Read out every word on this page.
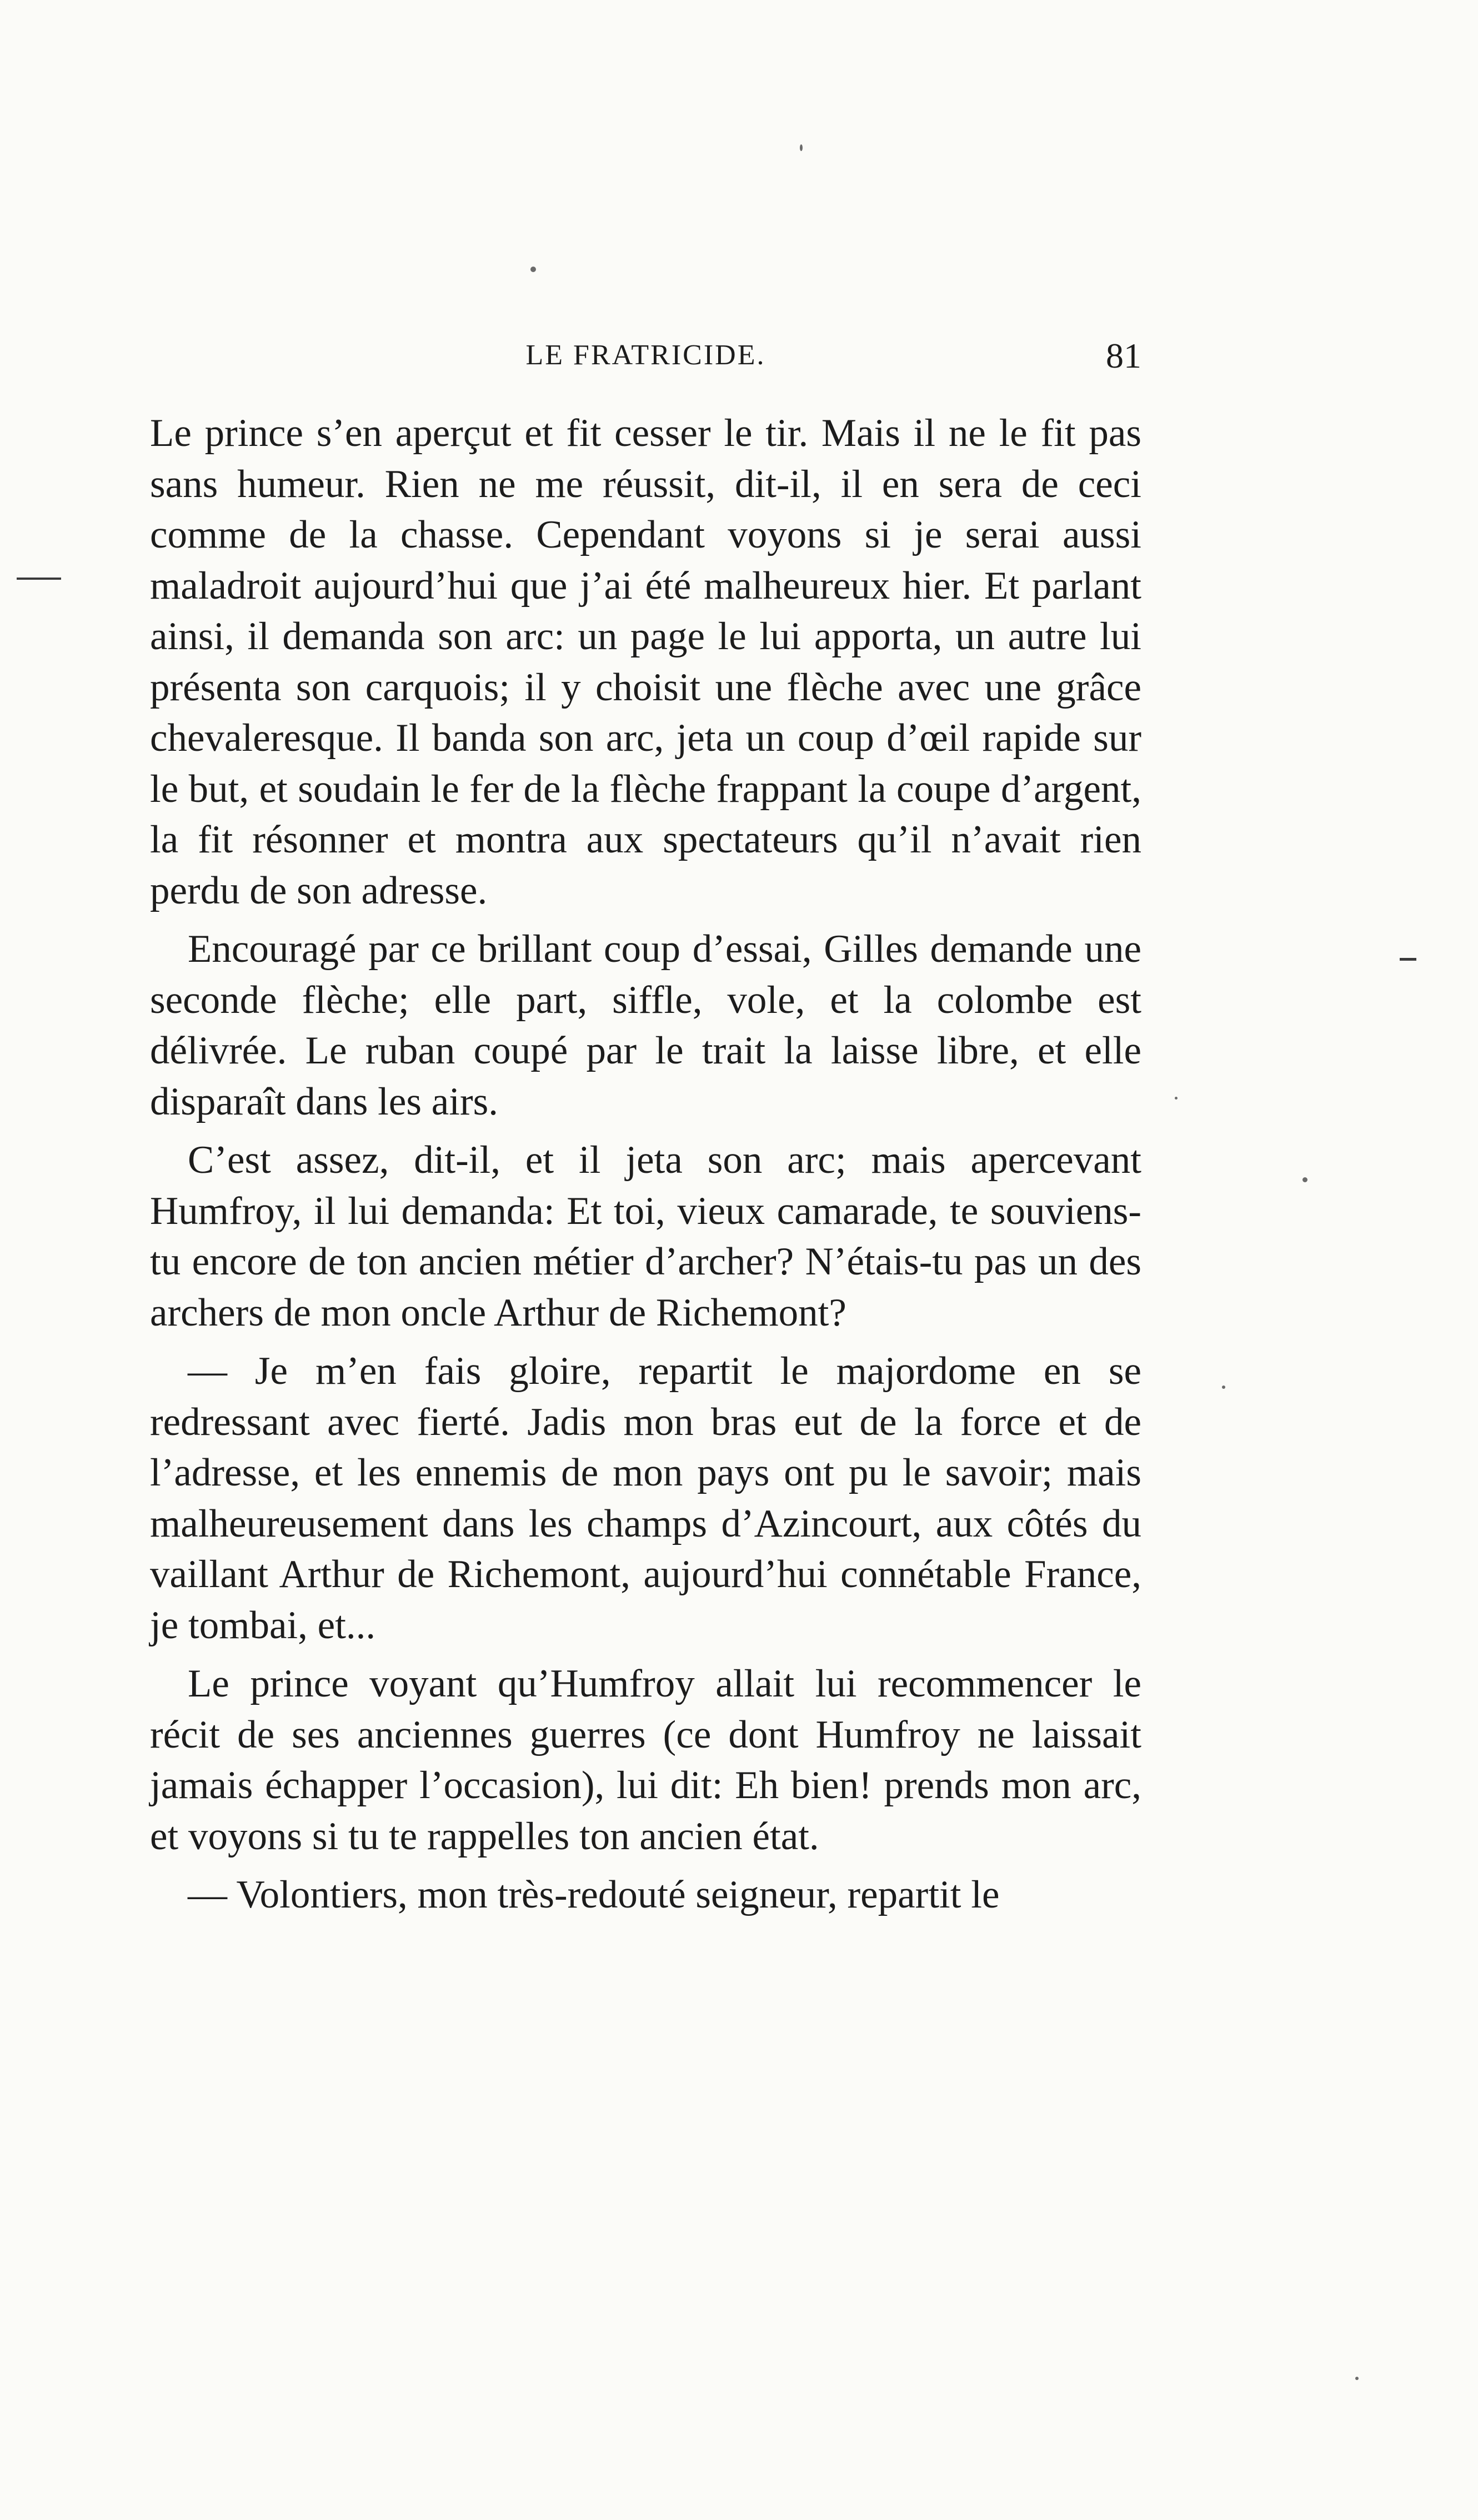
LE FRATRICIDE.	81

Le prince s’en aperçut et fit cesser le tir. Mais il ne le fit pas sans humeur. Rien ne me réussit, dit-il, il en sera de ceci comme de la chasse. Cependant voyons si je serai aussi maladroit aujourd’hui que j’ai été malheureux hier. Et parlant ainsi, il demanda son arc: un page le lui apporta, un autre lui présenta son carquois; il y choisit une flèche avec une grâce chevaleresque. Il banda son arc, jeta un coup d’œil rapide sur le but, et soudain le fer de la flèche frappant la coupe d’argent, la fit résonner et montra aux spectateurs qu’il n’avait rien perdu de son adresse.

Encouragé par ce brillant coup d’essai, Gilles demande une seconde flèche; elle part, siffle, vole, et la colombe est délivrée. Le ruban coupé par le trait la laisse libre, et elle disparaît dans les airs.

C’est assez, dit-il, et il jeta son arc; mais apercevant Humfroy, il lui demanda: Et toi, vieux camarade, te souviens-tu encore de ton ancien métier d’archer? N’étais-tu pas un des archers de mon oncle Arthur de Richemont?

— Je m’en fais gloire, repartit le majordome en se redressant avec fierté. Jadis mon bras eut de la force et de l’adresse, et les ennemis de mon pays ont pu le savoir; mais malheureusement dans les champs d’Azincourt, aux côtés du vaillant Arthur de Richemont, aujourd’hui connétable France, je tombai, et...

Le prince voyant qu’Humfroy allait lui recommencer le récit de ses anciennes guerres (ce dont Humfroy ne laissait jamais échapper l’occasion), lui dit: Eh bien! prends mon arc, et voyons si tu te rappelles ton ancien état.

— Volontiers, mon très-redouté seigneur, repartit le
